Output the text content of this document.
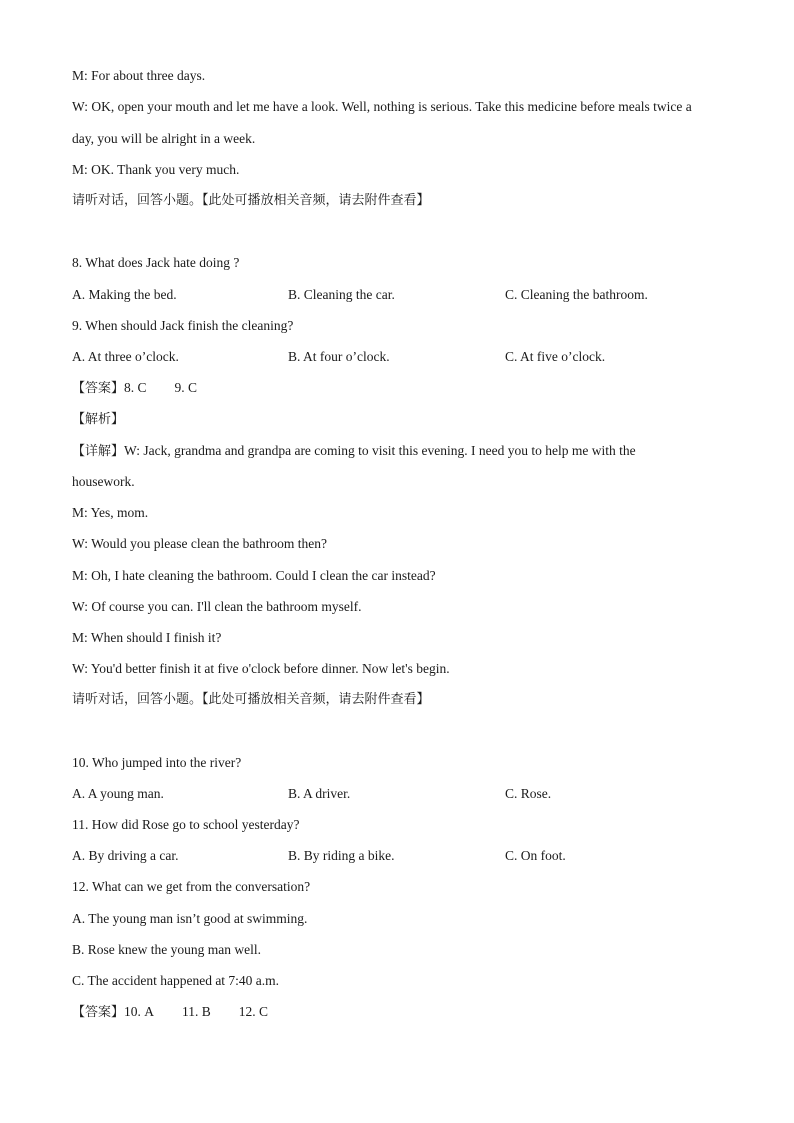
M: For about three days.
W: OK, open your mouth and let me have a look. Well, nothing is serious. Take this medicine before meals twice a
day, you will be alright in a week.
M: OK. Thank you very much.
请听对话，回答小题。【此处可播放相关音频，请去附件查看】
8. What does Jack hate doing ?
A. Making the bed.	B. Cleaning the car.	C. Cleaning the bathroom.
9. When should Jack finish the cleaning?
A. At three o’clock.	B. At four o’clock.	C. At five o’clock.
【答案】8. C 9. C
【解析】
【详解】W: Jack, grandma and grandpa are coming to visit this evening. I need you to help me with the
housework.
M: Yes, mom.
W: Would you please clean the bathroom then?
M: Oh, I hate cleaning the bathroom. Could I clean the car instead?
W: Of course you can. I'll clean the bathroom myself.
M: When should I finish it?
W: You'd better finish it at five o'clock before dinner. Now let's begin.
请听对话，回答小题。【此处可播放相关音频，请去附件查看】
10. Who jumped into the river?
A. A young man.	B. A driver.	C. Rose.
11. How did Rose go to school yesterday?
A. By driving a car.	B. By riding a bike.	C. On foot.
12. What can we get from the conversation?
A. The young man isn’t good at swimming.
B. Rose knew the young man well.
C. The accident happened at 7:40 a.m.
【答案】10. A 11. B 12. C
